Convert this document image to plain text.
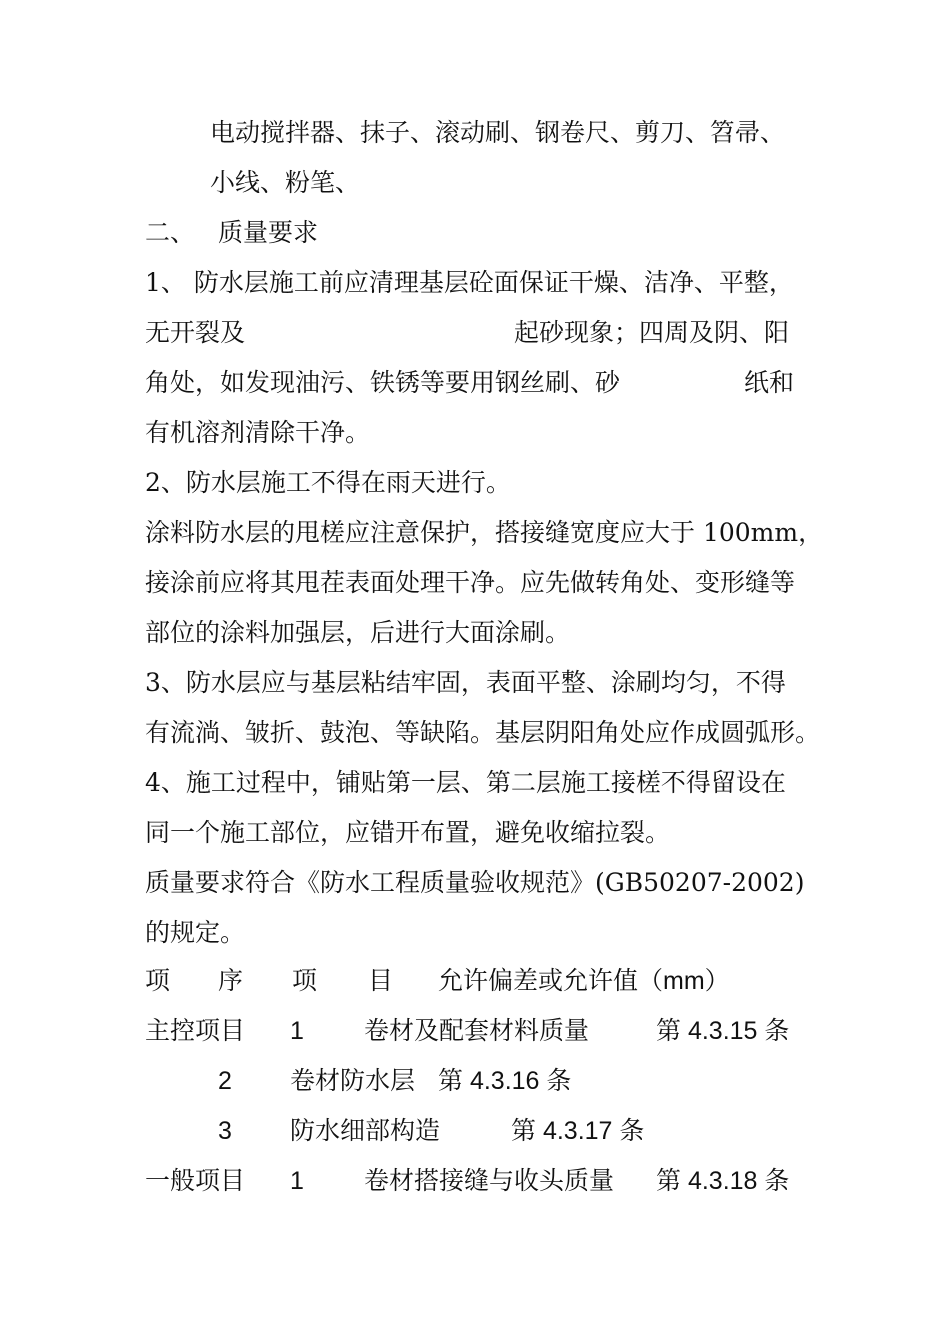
电动搅拌器、抹子、滚动刷、钢卷尺、剪刀、笤帚、
小线、粉笔、
二、 质量要求
1、 防水层施工前应清理基层砼面保证干燥、洁净、平整，
无开裂及	起砂现象；四周及阴、阳
角处，如发现油污、铁锈等要用钢丝刷、砂	纸和
有机溶剂清除干净。
2、防水层施工不得在雨天进行。
涂料防水层的甩槎应注意保护，搭接缝宽度应大于 100mm，
接涂前应将其甩茬表面处理干净。应先做转角处、变形缝等
部位的涂料加强层，后进行大面涂刷。
3、防水层应与基层粘结牢固，表面平整、涂刷均匀，不得
有流淌、皱折、鼓泡、等缺陷。基层阴阳角处应作成圆弧形。
4、施工过程中，铺贴第一层、第二层施工接槎不得留设在
同一个施工部位，应错开布置，避免收缩拉裂。
质量要求符合《防水工程质量验收规范》(GB50207-2002)
的规定。
项 序 项 目 允许偏差或允许值（mm）
主控项目 1 卷材及配套材料质量	第 4.3.15 条
2 卷材防水层 第 4.3.16 条
3 防水细部构造	第 4.3.17 条
一般项目 1 卷材搭接缝与收头质量 第 4.3.18 条
